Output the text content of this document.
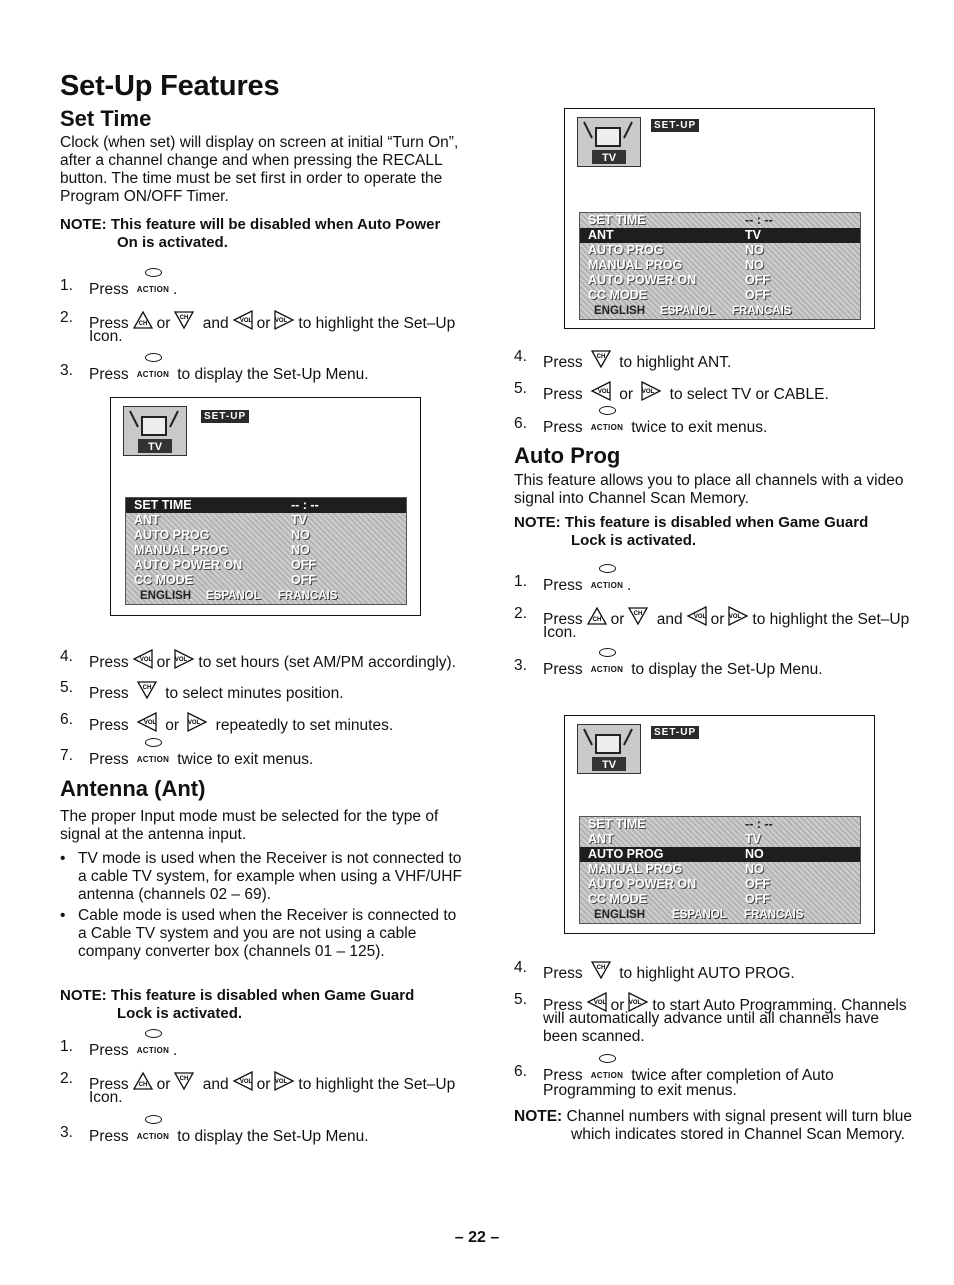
Set-Up Features
Set Time
Clock (when set) will display on screen at initial “Turn On”,
after a channel change and when pressing the RECALL
button. The time must be set first in order to operate the
Program ON/OFF Timer.
NOTE: This feature will be disabled when Auto Power
On is activated.
1. Press ACTION .
2. Press or and or to highlight the Set–Up
Icon.
3. Press ACTION to display the Set-Up Menu.
TV
SET-UP
SET TIME	-- : --
ANT	TV
AUTO PROG	NO
MANUAL PROG	NO
AUTO POWER ON	OFF
CC MODE	OFF
ENGLISH ESPANOL FRANCAIS
4. Press or to set hours (set AM/PM accordingly).
5. Press to select minutes position.
6. Press or repeatedly to set minutes.
7. Press ACTION twice to exit menus.
Antenna (Ant)
The proper Input mode must be selected for the type of
signal at the antenna input.
• TV mode is used when the Receiver is not connected to
a cable TV system, for example when using a VHF/UHF
antenna (channels 02 – 69).
• Cable mode is used when the Receiver is connected to
a Cable TV system and you are not using a cable
company converter box (channels 01 – 125).
NOTE: This feature is disabled when Game Guard
Lock is activated.
1. Press ACTION .
2. Press or and or to highlight the Set–Up
Icon.
3. Press ACTION to display the Set-Up Menu.
TV
SET-UP
SET TIME	-- : --
ANT	TV
AUTO PROG	NO
MANUAL PROG	NO
AUTO POWER ON	OFF
CC MODE	OFF
ENGLISH ESPANOL FRANCAIS
4. Press to highlight ANT.
5. Press or to select TV or CABLE.
6. Press ACTION twice to exit menus.
Auto Prog
This feature allows you to place all channels with a video
signal into Channel Scan Memory.
NOTE: This feature is disabled when Game Guard
Lock is activated.
1. Press ACTION .
2. Press or and or to highlight the Set–Up
Icon.
3. Press ACTION to display the Set-Up Menu.
TV
SET-UP
SET TIME	-- : --
ANT	TV
AUTO PROG	NO
MANUAL PROG	NO
AUTO POWER ON	OFF
CC MODE	OFF
ENGLISH ESPANOL FRANCAIS
4. Press to highlight AUTO PROG.
5. Press or to start Auto Programming. Channels
will automatically advance until all channels have
been scanned.
6. Press ACTION twice after completion of Auto
Programming to exit menus.
NOTE: Channel numbers with signal present will turn blue
which indicates stored in Channel Scan Memory.
– 22 –
